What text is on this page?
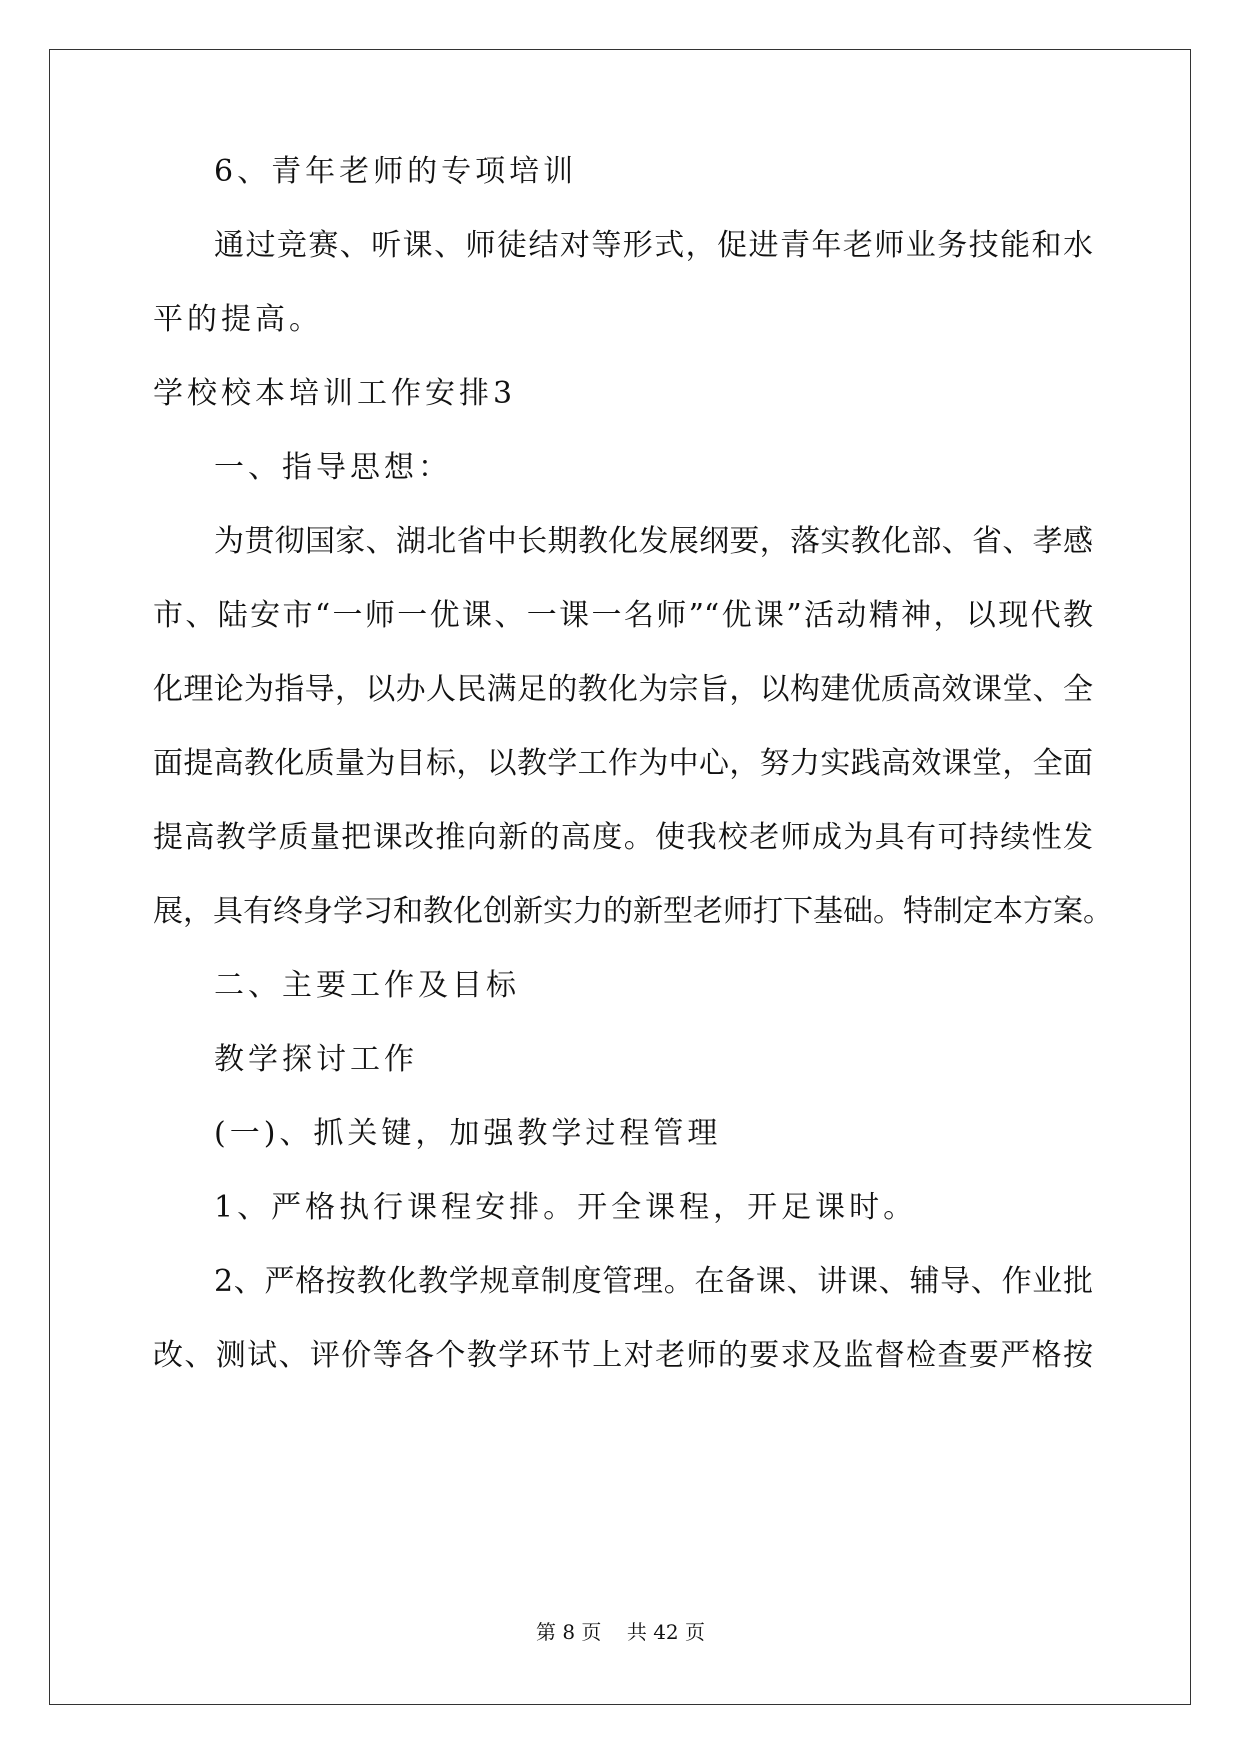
6、青年老师的专项培训
通过竞赛、听课、师徒结对等形式，促进青年老师业务技能和水
平的提高。
学校校本培训工作安排3
一、指导思想：
为贯彻国家、湖北省中长期教化发展纲要，落实教化部、省、孝感
市、陆安市“一师一优课、一课一名师”“优课”活动精神，以现代教
化理论为指导，以办人民满足的教化为宗旨，以构建优质高效课堂、全
面提高教化质量为目标，以教学工作为中心，努力实践高效课堂，全面
提高教学质量把课改推向新的高度。使我校老师成为具有可持续性发
展，具有终身学习和教化创新实力的新型老师打下基础。特制定本方案。
二、主要工作及目标
教学探讨工作
(一)、抓关键，加强教学过程管理
1、严格执行课程安排。开全课程，开足课时。
2、严格按教化教学规章制度管理。在备课、讲课、辅导、作业批
改、测试、评价等各个教学环节上对老师的要求及监督检查要严格按
第 8 页    共 42 页
